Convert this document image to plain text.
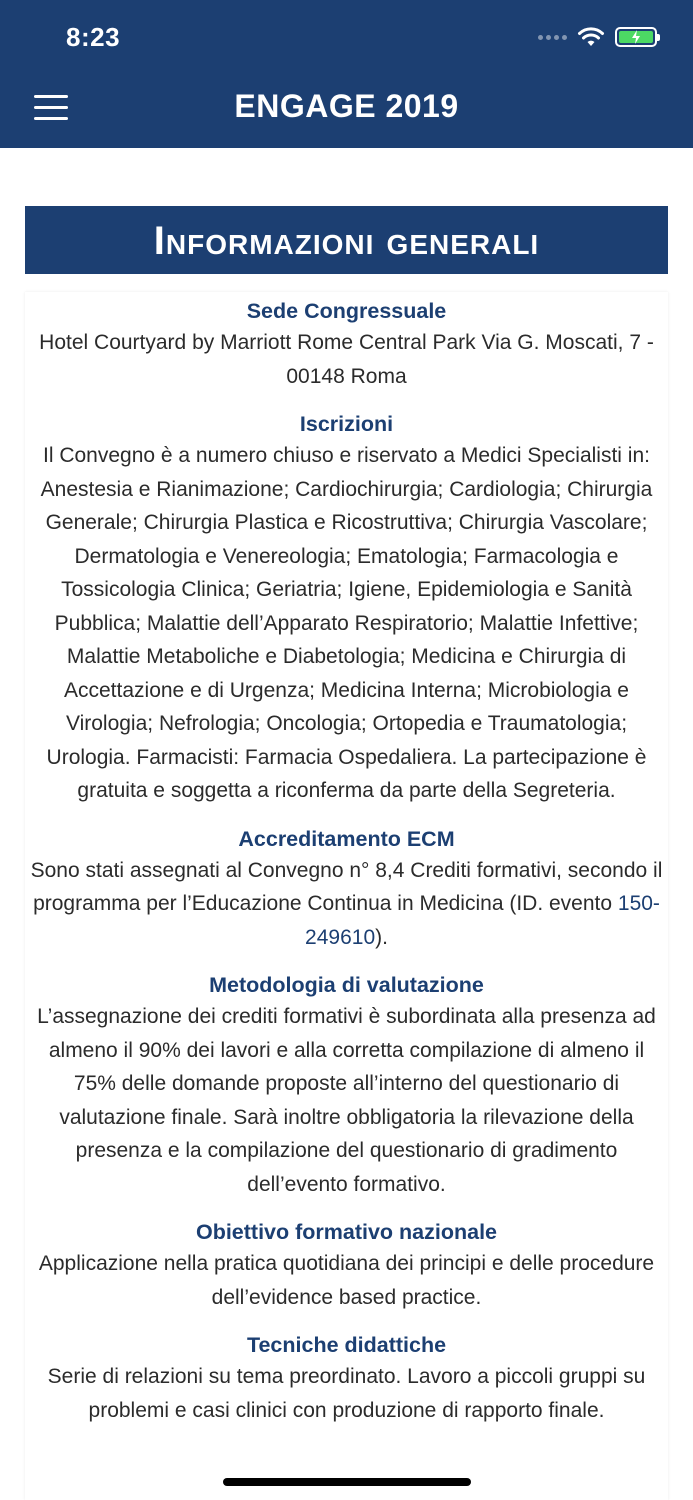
8:23
ENGAGE 2019
Informazioni generali
Sede Congressuale
Hotel Courtyard by Marriott Rome Central Park Via G. Moscati, 7 - 00148 Roma
Iscrizioni
Il Convegno è a numero chiuso e riservato a Medici Specialisti in: Anestesia e Rianimazione; Cardiochirurgia; Cardiologia; Chirurgia Generale; Chirurgia Plastica e Ricostruttiva; Chirurgia Vascolare; Dermatologia e Venereologia; Ematologia; Farmacologia e Tossicologia Clinica; Geriatria; Igiene, Epidemiologia e Sanità Pubblica; Malattie dell’Apparato Respiratorio; Malattie Infettive; Malattie Metaboliche e Diabetologia; Medicina e Chirurgia di Accettazione e di Urgenza; Medicina Interna; Microbiologia e Virologia; Nefrologia; Oncologia; Ortopedia e Traumatologia; Urologia. Farmacisti: Farmacia Ospedaliera. La partecipazione è gratuita e soggetta a riconferma da parte della Segreteria.
Accreditamento ECM
Sono stati assegnati al Convegno n° 8,4 Crediti formativi, secondo il programma per l’Educazione Continua in Medicina (ID. evento 150-249610).
Metodologia di valutazione
L’assegnazione dei crediti formativi è subordinata alla presenza ad almeno il 90% dei lavori e alla corretta compilazione di almeno il 75% delle domande proposte all’interno del questionario di valutazione finale. Sarà inoltre obbligatoria la rilevazione della presenza e la compilazione del questionario di gradimento dell’evento formativo.
Obiettivo formativo nazionale
Applicazione nella pratica quotidiana dei principi e delle procedure dell’evidence based practice.
Tecniche didattiche
Serie di relazioni su tema preordinato. Lavoro a piccoli gruppi su problemi e casi clinici con produzione di rapporto finale.
